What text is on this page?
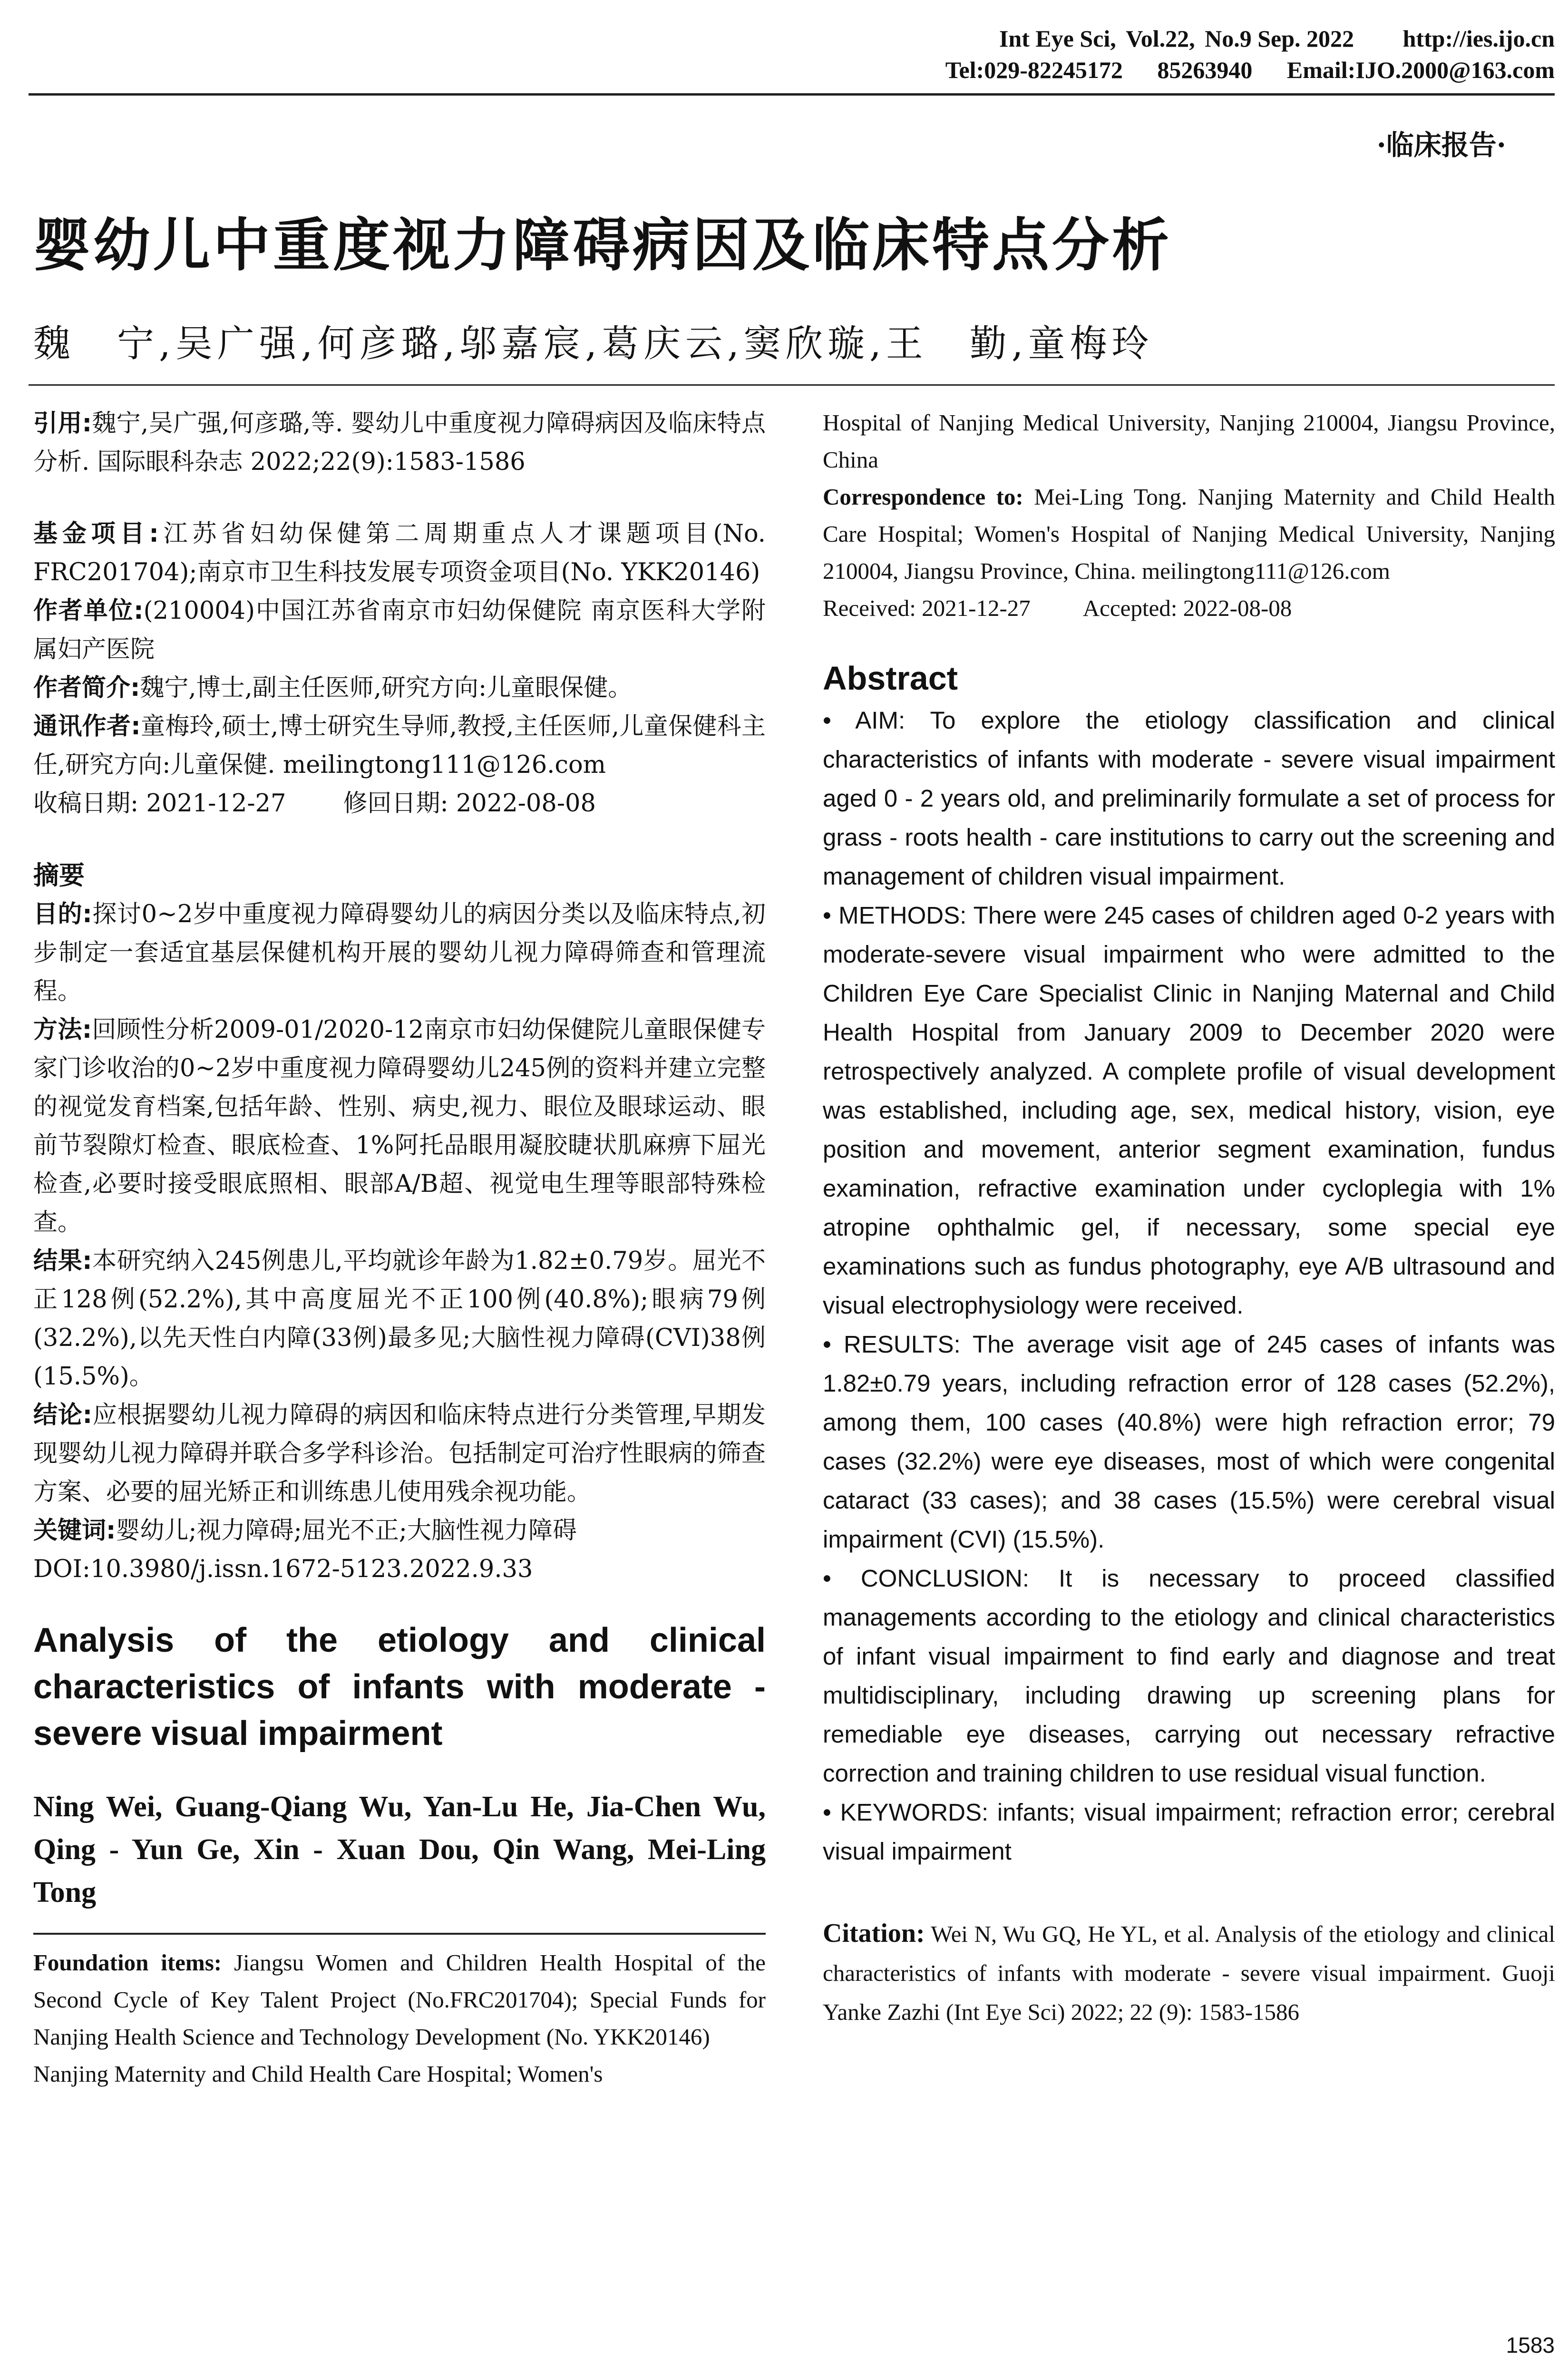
Int Eye Sci, Vol.22, No.9 Sep. 2022 http://ies.ijo.cn
Tel:029-82245172 85263940 Email:IJO.2000@163.com
·临床报告·
婴幼儿中重度视力障碍病因及临床特点分析
魏　宁,吴广强,何彦璐,邬嘉宸,葛庆云,窦欣璇,王　勤,童梅玲
引用:魏宁,吴广强,何彦璐,等. 婴幼儿中重度视力障碍病因及临床特点分析. 国际眼科杂志 2022;22(9):1583-1586
基金项目:江苏省妇幼保健第二周期重点人才课题项目(No. FRC201704);南京市卫生科技发展专项资金项目(No. YKK20146)
作者单位:(210004)中国江苏省南京市妇幼保健院 南京医科大学附属妇产医院
作者简介:魏宁,博士,副主任医师,研究方向:儿童眼保健。
通讯作者:童梅玲,硕士,博士研究生导师,教授,主任医师,儿童保健科主任,研究方向:儿童保健. meilingtong111@126.com
收稿日期: 2021-12-27 修回日期: 2022-08-08
摘要
目的:探讨0~2岁中重度视力障碍婴幼儿的病因分类以及临床特点,初步制定一套适宜基层保健机构开展的婴幼儿视力障碍筛查和管理流程。
方法:回顾性分析2009-01/2020-12南京市妇幼保健院儿童眼保健专家门诊收治的0~2岁中重度视力障碍婴幼儿245例的资料并建立完整的视觉发育档案,包括年龄、性别、病史,视力、眼位及眼球运动、眼前节裂隙灯检查、眼底检查、1%阿托品眼用凝胶睫状肌麻痹下屈光检查,必要时接受眼底照相、眼部A/B超、视觉电生理等眼部特殊检查。
结果:本研究纳入245例患儿,平均就诊年龄为1.82±0.79岁。屈光不正128例(52.2%),其中高度屈光不正100例(40.8%);眼病79例(32.2%),以先天性白内障(33例)最多见;大脑性视力障碍(CVI)38例(15.5%)。
结论:应根据婴幼儿视力障碍的病因和临床特点进行分类管理,早期发现婴幼儿视力障碍并联合多学科诊治。包括制定可治疗性眼病的筛查方案、必要的屈光矫正和训练患儿使用残余视功能。
关键词:婴幼儿;视力障碍;屈光不正;大脑性视力障碍
DOI:10.3980/j.issn.1672-5123.2022.9.33
Analysis of the etiology and clinical characteristics of infants with moderate - severe visual impairment
Ning Wei, Guang-Qiang Wu, Yan-Lu He, Jia-Chen Wu, Qing - Yun Ge, Xin - Xuan Dou, Qin Wang, Mei-Ling Tong
Foundation items: Jiangsu Women and Children Health Hospital of the Second Cycle of Key Talent Project (No.FRC201704); Special Funds for Nanjing Health Science and Technology Development (No. YKK20146)
Nanjing Maternity and Child Health Care Hospital; Women's
Hospital of Nanjing Medical University, Nanjing 210004, Jiangsu Province, China
Correspondence to: Mei-Ling Tong. Nanjing Maternity and Child Health Care Hospital; Women's Hospital of Nanjing Medical University, Nanjing 210004, Jiangsu Province, China. meilingtong111@126.com
Received: 2021-12-27 Accepted: 2022-08-08
Abstract

• AIM: To explore the etiology classification and clinical characteristics of infants with moderate - severe visual impairment aged 0 - 2 years old, and preliminarily formulate a set of process for grass - roots health - care institutions to carry out the screening and management of children visual impairment.

• METHODS: There were 245 cases of children aged 0-2 years with moderate-severe visual impairment who were admitted to the Children Eye Care Specialist Clinic in Nanjing Maternal and Child Health Hospital from January 2009 to December 2020 were retrospectively analyzed. A complete profile of visual development was established, including age, sex, medical history, vision, eye position and movement, anterior segment examination, fundus examination, refractive examination under cycloplegia with 1% atropine ophthalmic gel, if necessary, some special eye examinations such as fundus photography, eye A/B ultrasound and visual electrophysiology were received.

• RESULTS: The average visit age of 245 cases of infants was 1.82±0.79 years, including refraction error of 128 cases (52.2%), among them, 100 cases (40.8%) were high refraction error; 79 cases (32.2%) were eye diseases, most of which were congenital cataract (33 cases); and 38 cases (15.5%) were cerebral visual impairment (CVI) (15.5%).

• CONCLUSION: It is necessary to proceed classified managements according to the etiology and clinical characteristics of infant visual impairment to find early and diagnose and treat multidisciplinary, including drawing up screening plans for remediable eye diseases, carrying out necessary refractive correction and training children to use residual visual function.

• KEYWORDS: infants; visual impairment; refraction error; cerebral visual impairment

Citation: Wei N, Wu GQ, He YL, et al. Analysis of the etiology and clinical characteristics of infants with moderate - severe visual impairment. Guoji Yanke Zazhi (Int Eye Sci) 2022; 22 (9): 1583-1586
1583
